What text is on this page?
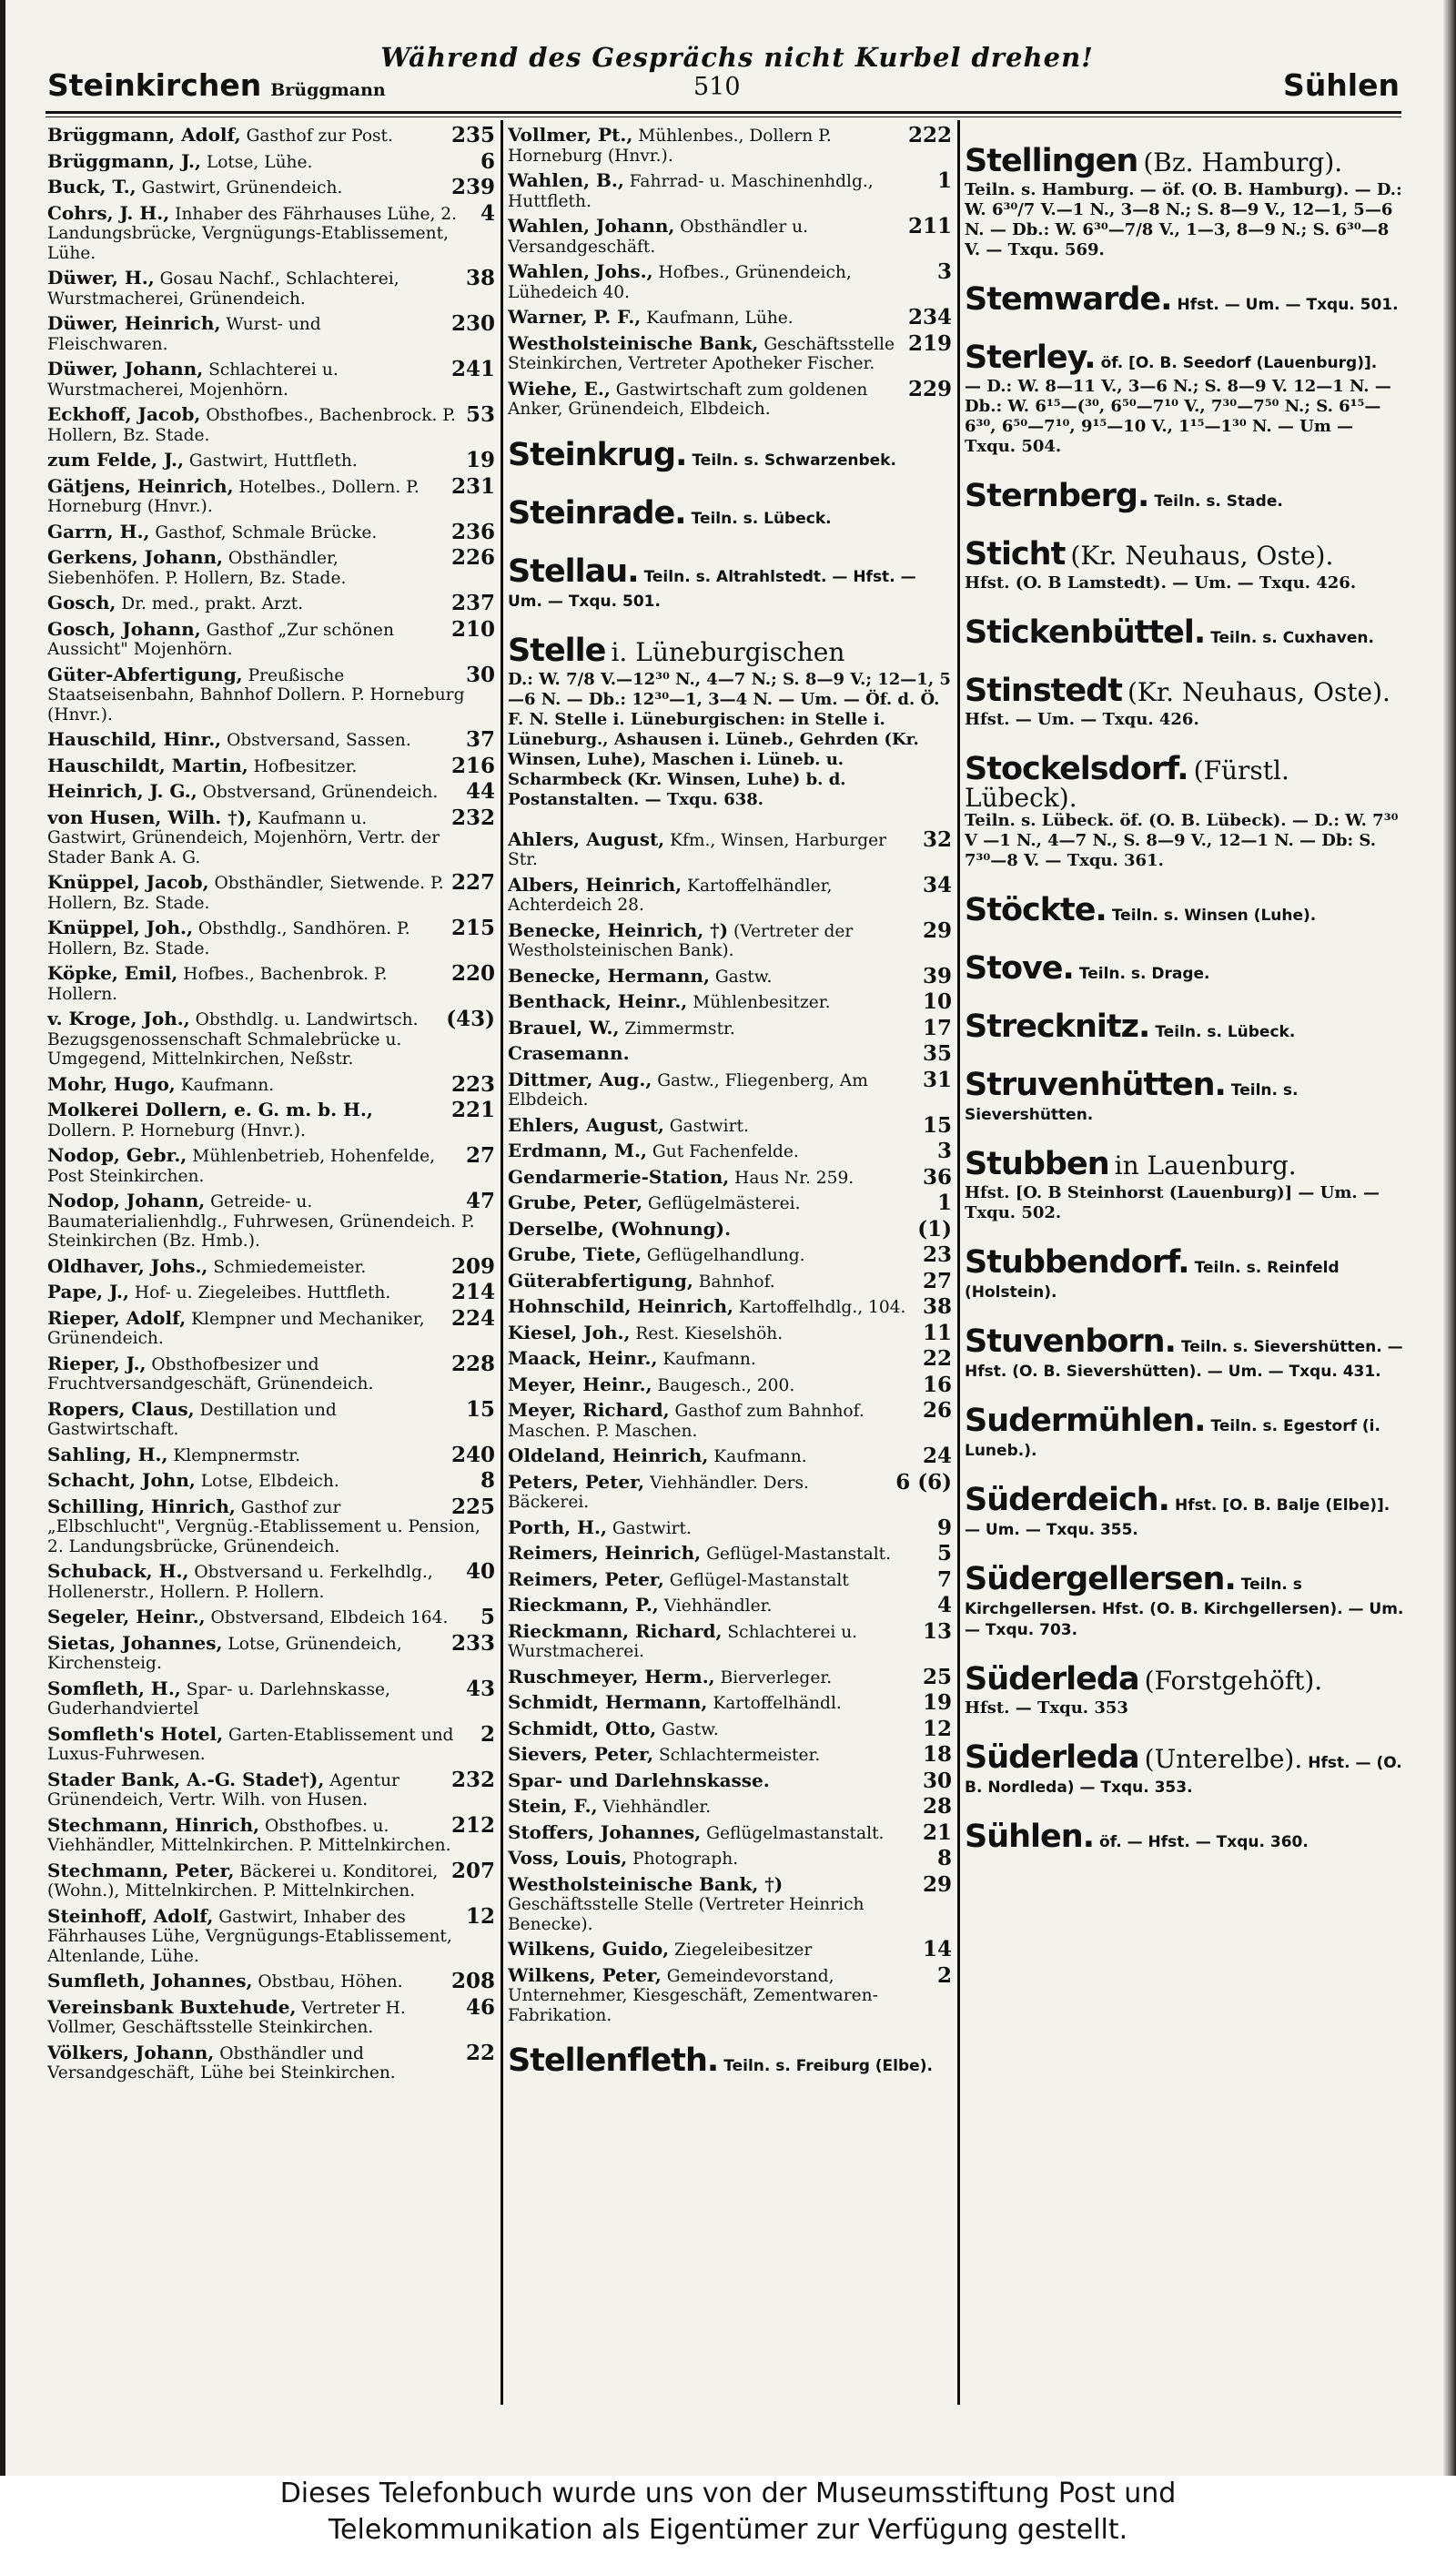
Während des Gesprächs nicht Kurbel drehen!
Steinkirchen Brüggmann	510	Sühlen
235
Brüggmann, Adolf, Gasthof zur Post.
6
Brüggmann, J., Lotse, Lühe.
239
Buck, T., Gastwirt, Grünendeich.
4
Cohrs, J. H., Inhaber des Fährhauses Lühe, 2. Landungsbrücke, Vergnügungs-Etablissement, Lühe.
38
Düwer, H., Gosau Nachf., Schlachterei, Wurstmacherei, Grünendeich.
230
Düwer, Heinrich, Wurst- und Fleischwaren.
241
Düwer, Johann, Schlachterei u. Wurstmacherei, Mojenhörn.
53
Eckhoff, Jacob, Obsthofbes., Bachenbrock. P. Hollern, Bz. Stade.
19
zum Felde, J., Gastwirt, Huttfleth.
231
Gätjens, Heinrich, Hotelbes., Dollern. P. Horneburg (Hnvr.).
236
Garrn, H., Gasthof, Schmale Brücke.
226
Gerkens, Johann, Obsthändler, Siebenhöfen. P. Hollern, Bz. Stade.
237
Gosch, Dr. med., prakt. Arzt.
210
Gosch, Johann, Gasthof „Zur schönen Aussicht" Mojenhörn.
30
Güter-Abfertigung, Preußische Staatseisenbahn, Bahnhof Dollern. P. Horneburg (Hnvr.).
37
Hauschild, Hinr., Obstversand, Sassen.
216
Hauschildt, Martin, Hofbesitzer.
44
Heinrich, J. G., Obstversand, Grünendeich.
232
von Husen, Wilh. †), Kaufmann u. Gastwirt, Grünendeich, Mojenhörn, Vertr. der Stader Bank A. G.
227
Knüppel, Jacob, Obsthändler, Sietwende. P. Hollern, Bz. Stade.
215
Knüppel, Joh., Obsthdlg., Sandhören. P. Hollern, Bz. Stade.
220
Köpke, Emil, Hofbes., Bachenbrok. P. Hollern.
(43)
v. Kroge, Joh., Obsthdlg. u. Landwirtsch. Bezugsgenossenschaft Schmalebrücke u. Umgegend, Mittelnkirchen, Neßstr.
223
Mohr, Hugo, Kaufmann.
221
Molkerei Dollern, e. G. m. b. H., Dollern. P. Horneburg (Hnvr.).
27
Nodop, Gebr., Mühlenbetrieb, Hohenfelde, Post Steinkirchen.
47
Nodop, Johann, Getreide- u. Baumaterialienhdlg., Fuhrwesen, Grünendeich. P. Steinkirchen (Bz. Hmb.).
209
Oldhaver, Johs., Schmiedemeister.
214
Pape, J., Hof- u. Ziegeleibes. Huttfleth.
224
Rieper, Adolf, Klempner und Mechaniker, Grünendeich.
228
Rieper, J., Obsthofbesizer und Fruchtversandgeschäft, Grünendeich.
15
Ropers, Claus, Destillation und Gastwirtschaft.
240
Sahling, H., Klempnermstr.
8
Schacht, John, Lotse, Elbdeich.
225
Schilling, Hinrich, Gasthof zur „Elbschlucht", Vergnüg.-Etablissement u. Pension, 2. Landungsbrücke, Grünendeich.
40
Schuback, H., Obstversand u. Ferkelhdlg., Hollenerstr., Hollern. P. Hollern.
5
Segeler, Heinr., Obstversand, Elbdeich 164.
233
Sietas, Johannes, Lotse, Grünendeich, Kirchensteig.
43
Somfleth, H., Spar- u. Darlehnskasse, Guderhandviertel
2
Somfleth's Hotel, Garten-Etablissement und Luxus-Fuhrwesen.
232
Stader Bank, A.-G. Stade†), Agentur Grünendeich, Vertr. Wilh. von Husen.
212
Stechmann, Hinrich, Obsthofbes. u. Viehhändler, Mittelnkirchen. P. Mittelnkirchen.
207
Stechmann, Peter, Bäckerei u. Konditorei, (Wohn.), Mittelnkirchen. P. Mittelnkirchen.
12
Steinhoff, Adolf, Gastwirt, Inhaber des Fährhauses Lühe, Vergnügungs-Etablissement, Altenlande, Lühe.
208
Sumfleth, Johannes, Obstbau, Höhen.
46
Vereinsbank Buxtehude, Vertreter H. Vollmer, Geschäftsstelle Steinkirchen.
22
Völkers, Johann, Obsthändler und Versandgeschäft, Lühe bei Steinkirchen.
222
Vollmer, Pt., Mühlenbes., Dollern P. Horneburg (Hnvr.).
1
Wahlen, B., Fahrrad- u. Maschinenhdlg., Huttfleth.
211
Wahlen, Johann, Obsthändler u. Versandgeschäft.
3
Wahlen, Johs., Hofbes., Grünendeich, Lühedeich 40.
234
Warner, P. F., Kaufmann, Lühe.
219
Westholsteinische Bank, Geschäftsstelle Steinkirchen, Vertreter Apotheker Fischer.
229
Wiehe, E., Gastwirtschaft zum goldenen Anker, Grünendeich, Elbdeich.
Steinkrug. Teiln. s. Schwarzenbek.
Steinrade. Teiln. s. Lübeck.
Stellau. Teiln. s. Altrahlstedt. — Hfst. — Um. — Txqu. 501.
Stelle i. Lüneburgischen
D.: W. 7/8 V.—12³⁰ N., 4—7 N.; S. 8—9 V.; 12—1, 5—6 N. — Db.: 12³⁰—1, 3—4 N. — Um. — Öf. d. Ö. F. N. Stelle i. Lüneburgischen: in Stelle i. Lüneburg., Ashausen i. Lüneb., Gehrden (Kr. Winsen, Luhe), Maschen i. Lüneb. u. Scharmbeck (Kr. Winsen, Luhe) b. d. Postanstalten. — Txqu. 638.
32
Ahlers, August, Kfm., Winsen, Harburger Str.
34
Albers, Heinrich, Kartoffelhändler, Achterdeich 28.
29
Benecke, Heinrich, †) (Vertreter der Westholsteinischen Bank).
39
Benecke, Hermann, Gastw.
10
Benthack, Heinr., Mühlenbesitzer.
17
Brauel, W., Zimmermstr.
35
Crasemann.
31
Dittmer, Aug., Gastw., Fliegenberg, Am Elbdeich.
15
Ehlers, August, Gastwirt.
3
Erdmann, M., Gut Fachenfelde.
36
Gendarmerie-Station, Haus Nr. 259.
1
Grube, Peter, Geflügelmästerei.
(1)
Derselbe, (Wohnung).
23
Grube, Tiete, Geflügelhandlung.
27
Güterabfertigung, Bahnhof.
38
Hohnschild, Heinrich, Kartoffelhdlg., 104.
11
Kiesel, Joh., Rest. Kieselshöh.
22
Maack, Heinr., Kaufmann.
16
Meyer, Heinr., Baugesch., 200.
26
Meyer, Richard, Gasthof zum Bahnhof. Maschen. P. Maschen.
24
Oldeland, Heinrich, Kaufmann.
6 (6)
Peters, Peter, Viehhändler. Ders. Bäckerei.
9
Porth, H., Gastwirt.
5
Reimers, Heinrich, Geflügel-Mastanstalt.
7
Reimers, Peter, Geflügel-Mastanstalt
4
Rieckmann, P., Viehhändler.
13
Rieckmann, Richard, Schlachterei u. Wurstmacherei.
25
Ruschmeyer, Herm., Bierverleger.
19
Schmidt, Hermann, Kartoffelhändl.
12
Schmidt, Otto, Gastw.
18
Sievers, Peter, Schlachtermeister.
30
Spar- und Darlehnskasse.
28
Stein, F., Viehhändler.
21
Stoffers, Johannes, Geflügelmastanstalt.
8
Voss, Louis, Photograph.
29
Westholsteinische Bank, †) Geschäftsstelle Stelle (Vertreter Heinrich Benecke).
14
Wilkens, Guido, Ziegeleibesitzer
2
Wilkens, Peter, Gemeindevorstand, Unternehmer, Kiesgeschäft, Zementwaren-Fabrikation.
Stellenfleth. Teiln. s. Freiburg (Elbe).
Stellingen (Bz. Hamburg).
Teiln. s. Hamburg. — öf. (O. B. Hamburg). — D.: W. 6³⁰/7 V.—1 N., 3—8 N.; S. 8—9 V., 12—1, 5—6 N. — Db.: W. 6³⁰—7/8 V., 1—3, 8—9 N.; S. 6³⁰—8 V. — Txqu. 569.
Stemwarde. Hfst. — Um. — Txqu. 501.
Sterley. öf. [O. B. Seedorf (Lauenburg)].
— D.: W. 8—11 V., 3—6 N.; S. 8—9 V. 12—1 N. — Db.: W. 6¹⁵—(³⁰, 6⁵⁰—7¹⁰ V., 7³⁰—7⁵⁰ N.; S. 6¹⁵—6³⁰, 6⁵⁰—7¹⁰, 9¹⁵—10 V., 1¹⁵—1³⁰ N. — Um — Txqu. 504.
Sternberg. Teiln. s. Stade.
Sticht (Kr. Neuhaus, Oste).
Hfst. (O. B Lamstedt). — Um. — Txqu. 426.
Stickenbüttel. Teiln. s. Cuxhaven.
Stinstedt (Kr. Neuhaus, Oste).
Hfst. — Um. — Txqu. 426.
Stockelsdorf. (Fürstl. Lübeck).
Teiln. s. Lübeck. öf. (O. B. Lübeck). — D.: W. 7³⁰ V —1 N., 4—7 N., S. 8—9 V., 12—1 N. — Db: S. 7³⁰—8 V. — Txqu. 361.
Stöckte. Teiln. s. Winsen (Luhe).
Stove. Teiln. s. Drage.
Strecknitz. Teiln. s. Lübeck.
Struvenhütten. Teiln. s. Sievershütten.
Stubben in Lauenburg.
Hfst. [O. B Steinhorst (Lauenburg)] — Um. — Txqu. 502.
Stubbendorf. Teiln. s. Reinfeld (Holstein).
Stuvenborn. Teiln. s. Sievershütten. — Hfst. (O. B. Sievershütten). — Um. — Txqu. 431.
Sudermühlen. Teiln. s. Egestorf (i. Luneb.).
Süderdeich. Hfst. [O. B. Balje (Elbe)]. — Um. — Txqu. 355.
Südergellersen. Teiln. s Kirchgellersen. Hfst. (O. B. Kirchgellersen). — Um. — Txqu. 703.
Süderleda (Forstgehöft).
Hfst. — Txqu. 353
Süderleda (Unterelbe). Hfst. — (O. B. Nordleda) — Txqu. 353.
Sühlen. öf. — Hfst. — Txqu. 360.
Dieses Telefonbuch wurde uns von der Museumsstiftung Post und
Telekommunikation als Eigentümer zur Verfügung gestellt.
